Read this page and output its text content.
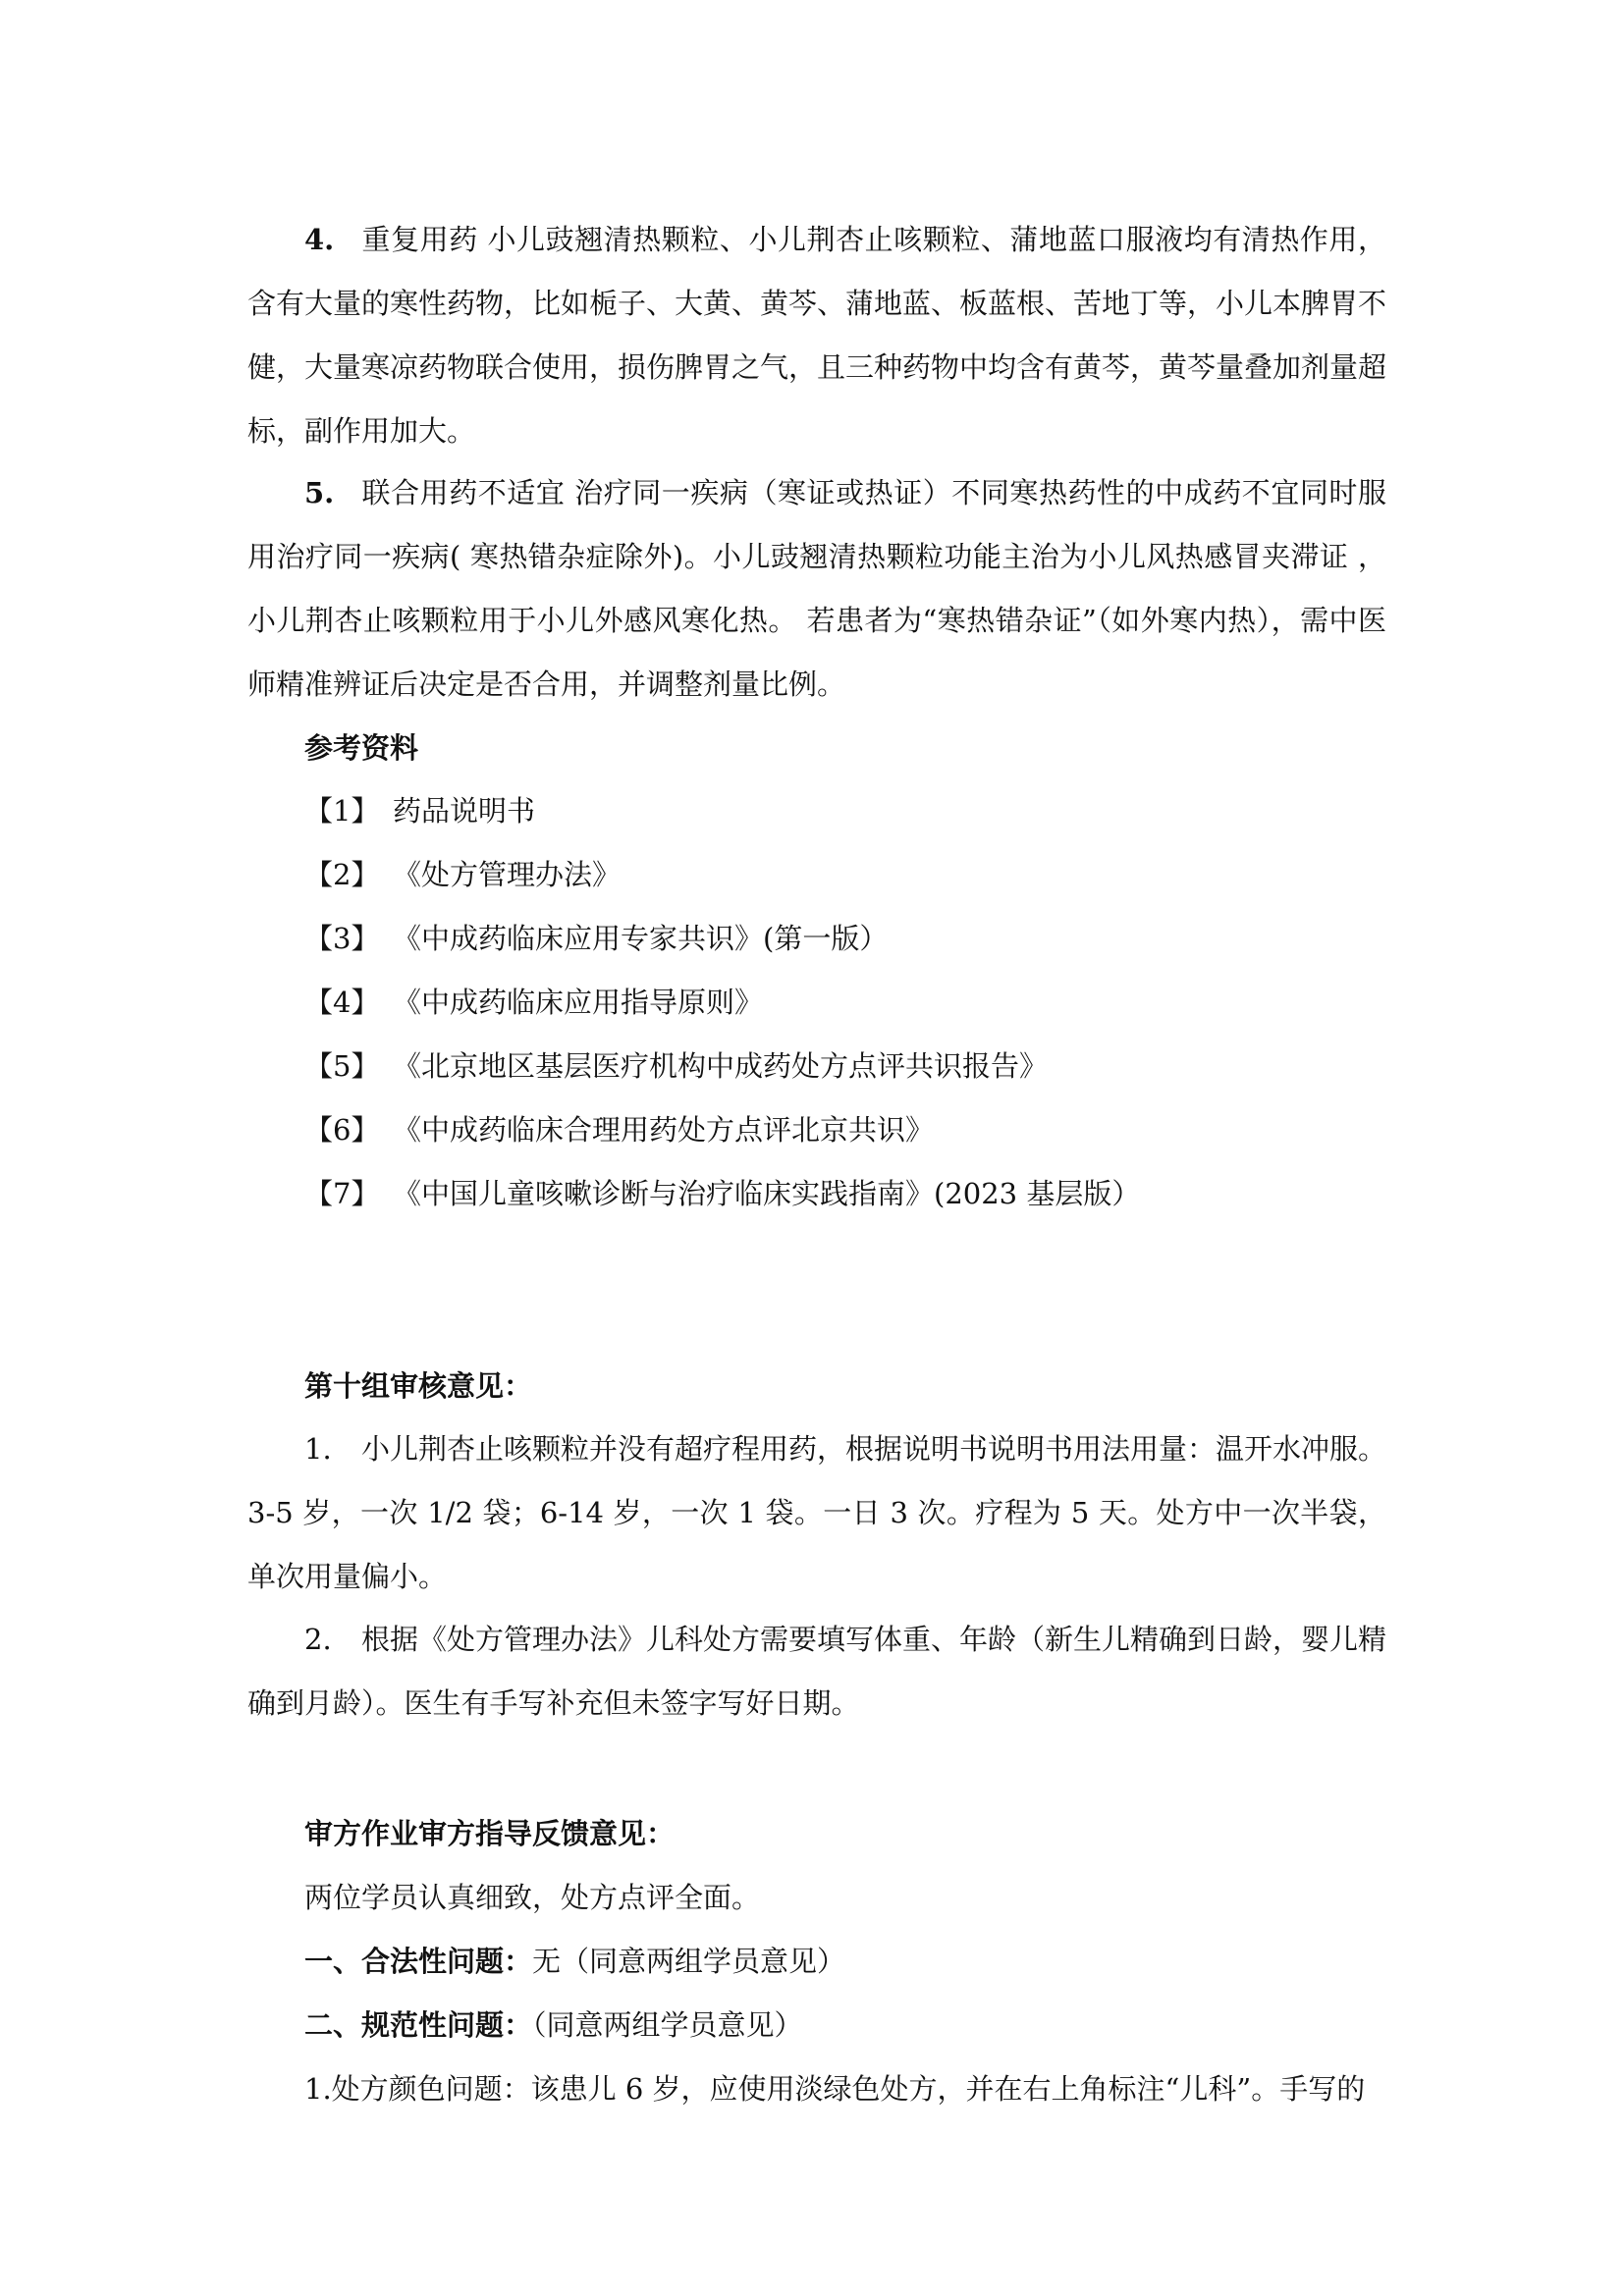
4. 重复用药 小儿豉翘清热颗粒、小儿荆杏止咳颗粒、蒲地蓝口服液均有清热作用，含有大量的寒性药物，比如栀子、大黄、黄芩、蒲地蓝、板蓝根、苦地丁等，小儿本脾胃不健，大量寒凉药物联合使用，损伤脾胃之气，且三种药物中均含有黄芩，黄芩量叠加剂量超标，副作用加大。

5. 联合用药不适宜 治疗同一疾病（寒证或热证）不同寒热药性的中成药不宜同时服用治疗同一疾病( 寒热错杂症除外)。小儿豉翘清热颗粒功能主治为小儿风热感冒夹滞证 ，小儿荆杏止咳颗粒用于小儿外感风寒化热。 若患者为“寒热错杂证”（如外寒内热），需中医师精准辨证后决定是否合用，并调整剂量比例。

参考资料

【1】 药品说明书

【2】 《处方管理办法》

【3】 《中成药临床应用专家共识》(第一版）

【4】 《中成药临床应用指导原则》

【5】 《北京地区基层医疗机构中成药处方点评共识报告》

【6】 《中成药临床合理用药处方点评北京共识》

【7】 《中国儿童咳嗽诊断与治疗临床实践指南》(2023 基层版）

第十组审核意见：

1. 小儿荆杏止咳颗粒并没有超疗程用药，根据说明书说明书用法用量：温开水冲服。3-5 岁，一次 1/2 袋；6-14 岁，一次 1 袋。一日 3 次。疗程为 5 天。处方中一次半袋，单次用量偏小。

2. 根据《处方管理办法》儿科处方需要填写体重、年龄（新生儿精确到日龄，婴儿精确到月龄）。医生有手写补充但未签字写好日期。

审方作业审方指导反馈意见：

两位学员认真细致，处方点评全面。

一、合法性问题：无（同意两组学员意见）

二、规范性问题：（同意两组学员意见）

1.处方颜色问题：该患儿 6 岁，应使用淡绿色处方，并在右上角标注“儿科”。手写的
